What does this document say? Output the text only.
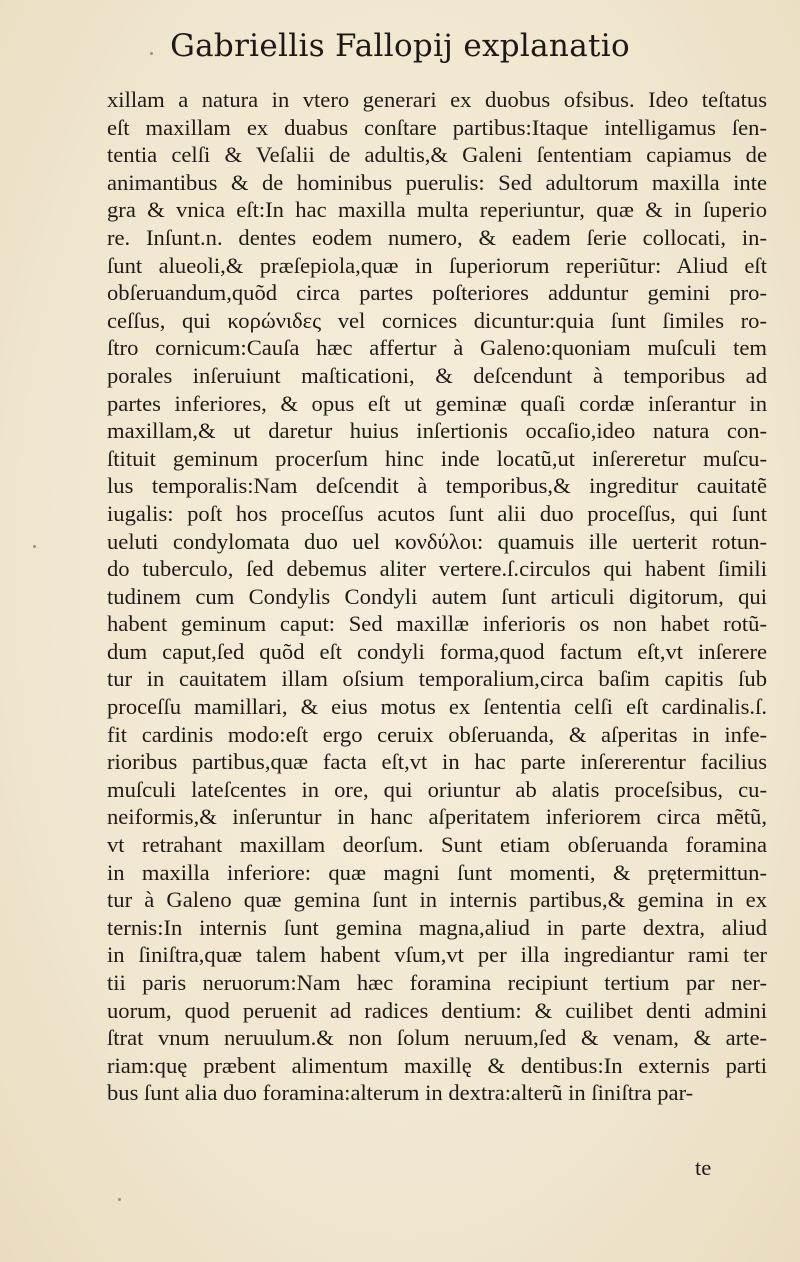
Gabriellis Fallopij explanatio
xillam a natura in vtero generari ex duobus ofsibus. Ideo teſtatus
eſt maxillam ex duabus conſtare partibus:Itaque intelligamus ſen-
tentia celſi & Veſalii de adultis,& Galeni ſententiam capiamus de
animantibus & de hominibus puerulis: Sed adultorum maxilla inte
gra & vnica eſt:In hac maxilla multa reperiuntur, quæ & in ſuperio
re. Inſunt.n. dentes eodem numero, & eadem ſerie collocati, in-
ſunt alueoli,& præſepiola,quæ in ſuperiorum reperiũtur: Aliud eſt
obſeruandum,quõd circa partes poſteriores adduntur gemini pro-
ceſſus, qui κορώνιδες vel cornices dicuntur:quia ſunt ſimiles ro-
ſtro cornicum:Cauſa hæc affertur à Galeno:quoniam muſculi tem
porales inſeruiunt maſticationi, & deſcendunt à temporibus ad
partes inferiores, & opus eſt ut geminæ quaſi cordæ inſerantur in
maxillam,& ut daretur huius inſertionis occaſio,ideo natura con-
ſtituit geminum procerſum hinc inde locatũ,ut inſereretur muſcu-
lus temporalis:Nam deſcendit à temporibus,& ingreditur cauitatẽ
iugalis: poſt hos proceſſus acutos ſunt alii duo proceſſus, qui ſunt
ueluti condylomata duo uel κονδύλοι: quamuis ille uerterit rotun-
do tuberculo, ſed debemus aliter vertere.ſ.circulos qui habent ſimili
tudinem cum Condylis Condyli autem ſunt articuli digitorum, qui
habent geminum caput: Sed maxillæ inferioris os non habet rotũ-
dum caput,ſed quõd eſt condyli forma,quod factum eſt,vt inſerere
tur in cauitatem illam oſsium temporalium,circa baſim capitis ſub
proceſſu mamillari, & eius motus ex ſententia celſi eſt cardinalis.ſ.
fit cardinis modo:eſt ergo ceruix obſeruanda, & aſperitas in infe-
rioribus partibus,quæ facta eſt,vt in hac parte inſererentur facilius
muſculi lateſcentes in ore, qui oriuntur ab alatis proceſsibus, cu-
neiformis,& inſeruntur in hanc aſperitatem inferiorem circa mẽtũ,
vt retrahant maxillam deorſum. Sunt etiam obſeruanda foramina
in maxilla inferiore: quæ magni ſunt momenti, & prętermittun-
tur à Galeno quæ gemina ſunt in internis partibus,& gemina in ex
ternis:In internis ſunt gemina magna,aliud in parte dextra, aliud
in ſiniſtra,quæ talem habent vſum,vt per illa ingrediantur rami ter
tii paris neruorum:Nam hæc foramina recipiunt tertium par ner-
uorum, quod peruenit ad radices dentium: & cuilibet denti admini
ſtrat vnum neruulum.& non ſolum neruum,ſed & venam, & arte-
riam:quę præbent alimentum maxillę & dentibus:In externis parti
bus ſunt alia duo foramina:alterum in dextra:alterũ in ſiniſtra par-
te
